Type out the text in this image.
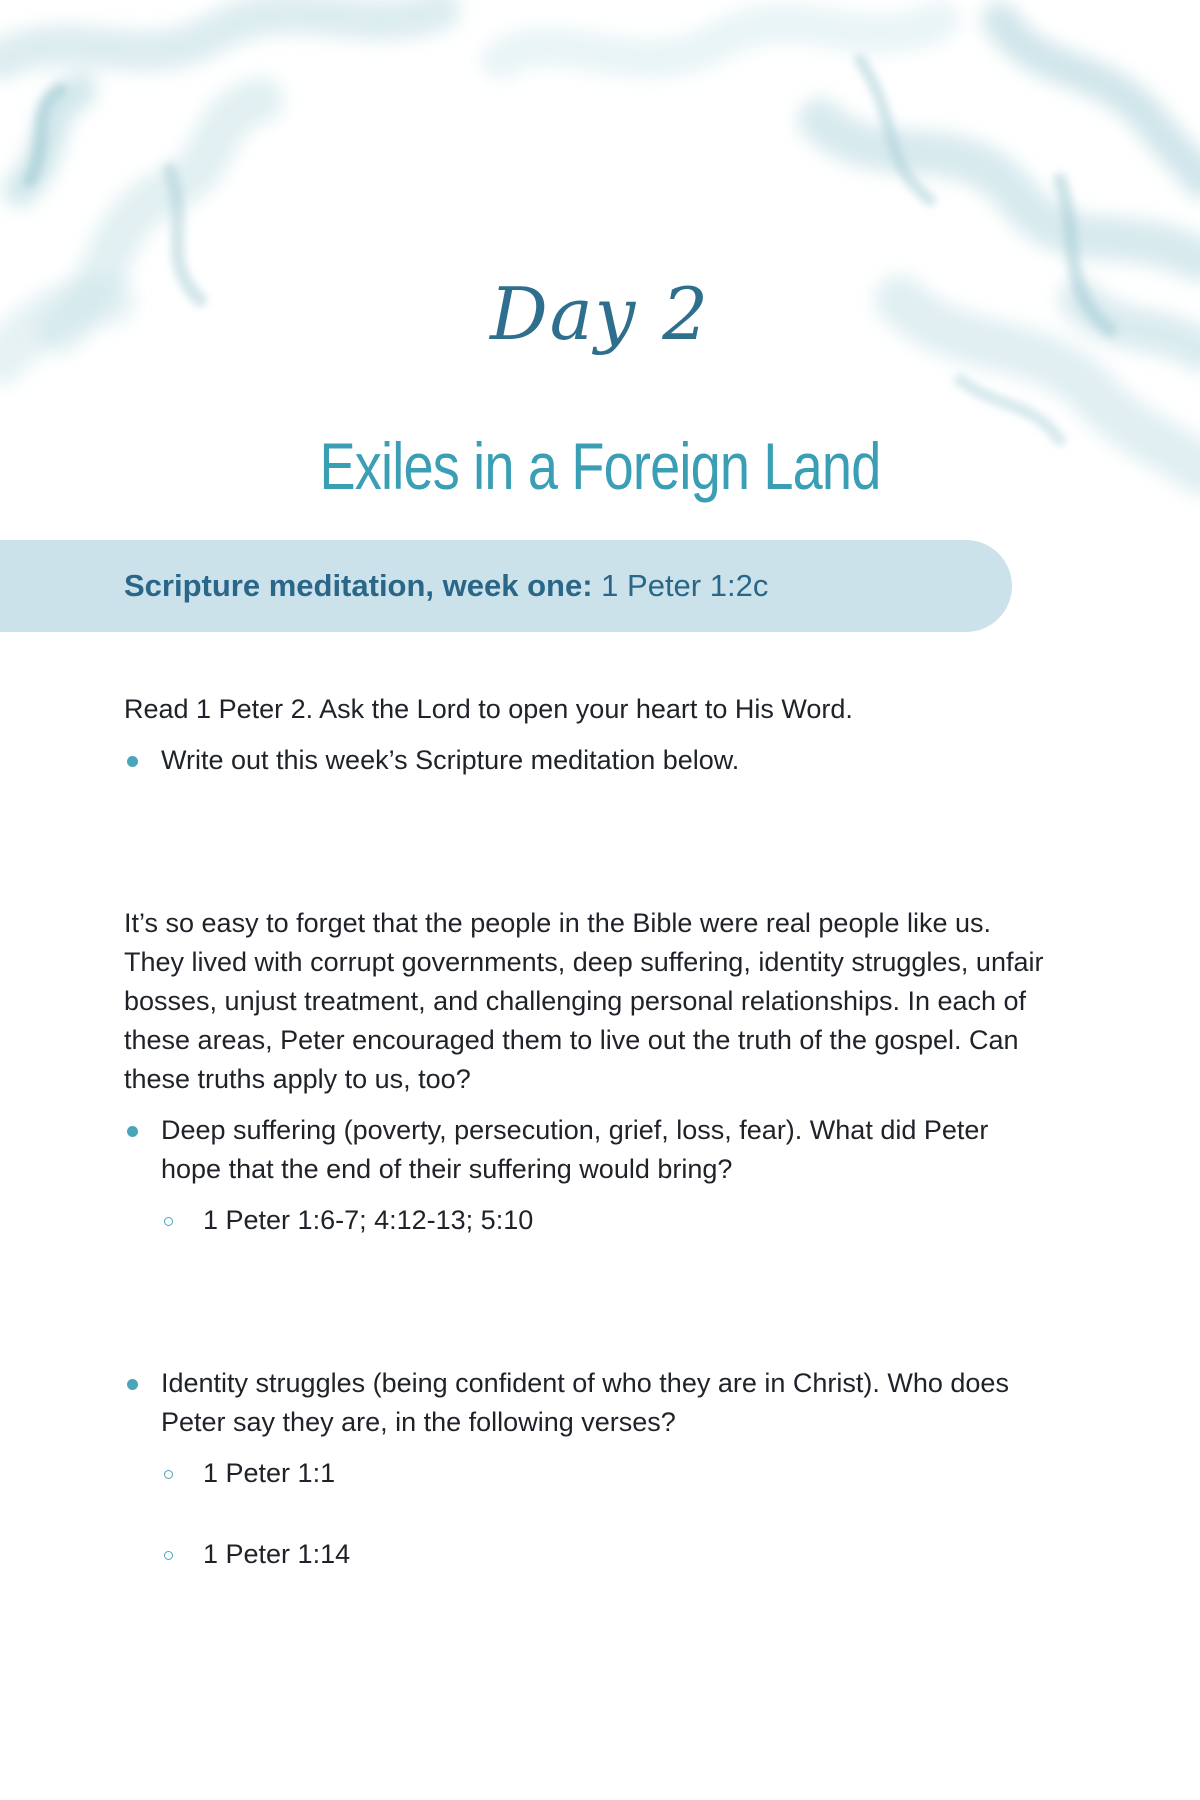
Day 2
Exiles in a Foreign Land
Scripture meditation, week one: 1 Peter 1:2c

Read 1 Peter 2. Ask the Lord to open your heart to His Word.

Write out this week’s Scripture meditation below.

It’s so easy to forget that the people in the Bible were real people like us. They lived with corrupt governments, deep suffering, identity struggles, unfair bosses, unjust treatment, and challenging personal relationships. In each of these areas, Peter encouraged them to live out the truth of the gospel. Can these truths apply to us, too?

Deep suffering (poverty, persecution, grief, loss, fear). What did Peter hope that the end of their suffering would bring?
1 Peter 1:6-7; 4:12-13; 5:10
Identity struggles (being confident of who they are in Christ). Who does Peter say they are, in the following verses?
1 Peter 1:1
1 Peter 1:14
